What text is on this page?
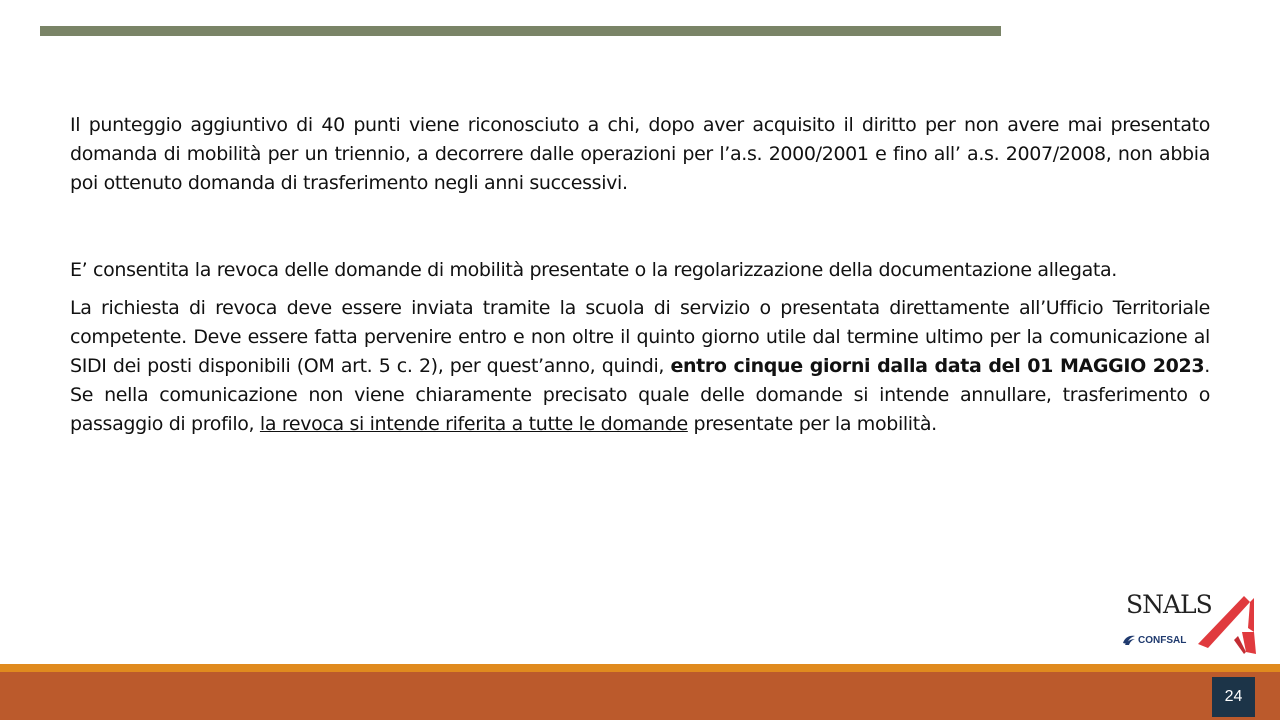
Il punteggio aggiuntivo di 40 punti viene riconosciuto a chi, dopo aver acquisito il diritto per non avere mai presentato domanda di mobilità per un triennio, a decorrere dalle operazioni per l’a.s. 2000/2001 e fino all’ a.s. 2007/2008, non abbia poi ottenuto domanda di trasferimento negli anni successivi.

E’ consentita la revoca delle domande di mobilità presentate o la regolarizzazione della documentazione allegata.

La richiesta di revoca deve essere inviata tramite la scuola di servizio o presentata direttamente all’Ufficio Territoriale competente. Deve essere fatta pervenire entro e non oltre il quinto giorno utile dal termine ultimo per la comunicazione al SIDI dei posti disponibili (OM art. 5 c. 2), per quest’anno, quindi, entro cinque giorni dalla data del 01 MAGGIO 2023. Se nella comunicazione non viene chiaramente precisato quale delle domande si intende annullare, trasferimento o passaggio di profilo, la revoca si intende riferita a tutte le domande presentate per la mobilità.

SNALS
CONFSAL
24
